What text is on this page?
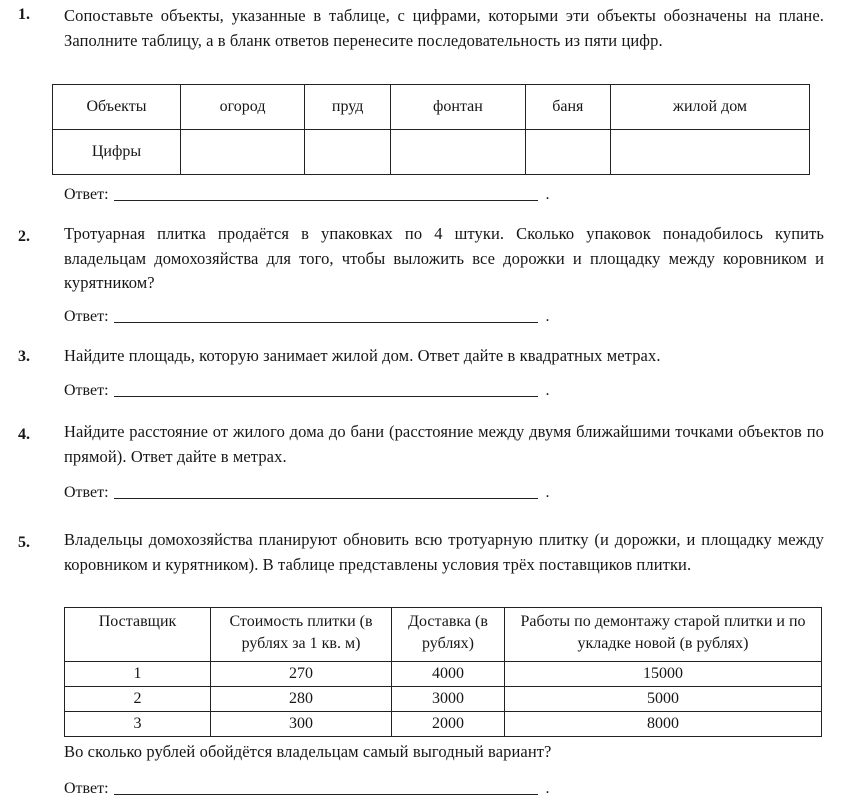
1. Сопоставьте объекты, указанные в таблице, с цифрами, которыми эти объекты обозначены на плане. Заполните таблицу, а в бланк ответов перенесите последовательность из пяти цифр.
Объекты	огород	пруд	фонтан	баня	жилой дом
Цифры					
Ответ:	.
2. Тротуарная плитка продаётся в упаковках по 4 штуки. Сколько упаковок понадобилось купить владельцам домохозяйства для того, чтобы выложить все дорожки и площадку между коровником и курятником?
Ответ:	.
3. Найдите площадь, которую занимает жилой дом. Ответ дайте в квадратных метрах.
Ответ:	.
4. Найдите расстояние от жилого дома до бани (расстояние между двумя ближайшими точками объектов по прямой). Ответ дайте в метрах.
Ответ:	.
5. Владельцы домохозяйства планируют обновить всю тротуарную плитку (и дорожки, и площадку между коровником и курятником). В таблице представлены условия трёх поставщиков плитки.
Поставщик	Стоимость плитки (в рублях за 1 кв. м)	Доставка (в рублях)	Работы по демонтажу старой плитки и по укладке новой (в рублях)
1	270	4000	15000
2	280	3000	5000
3	300	2000	8000
Во сколько рублей обойдётся владельцам самый выгодный вариант?
Ответ:	.
